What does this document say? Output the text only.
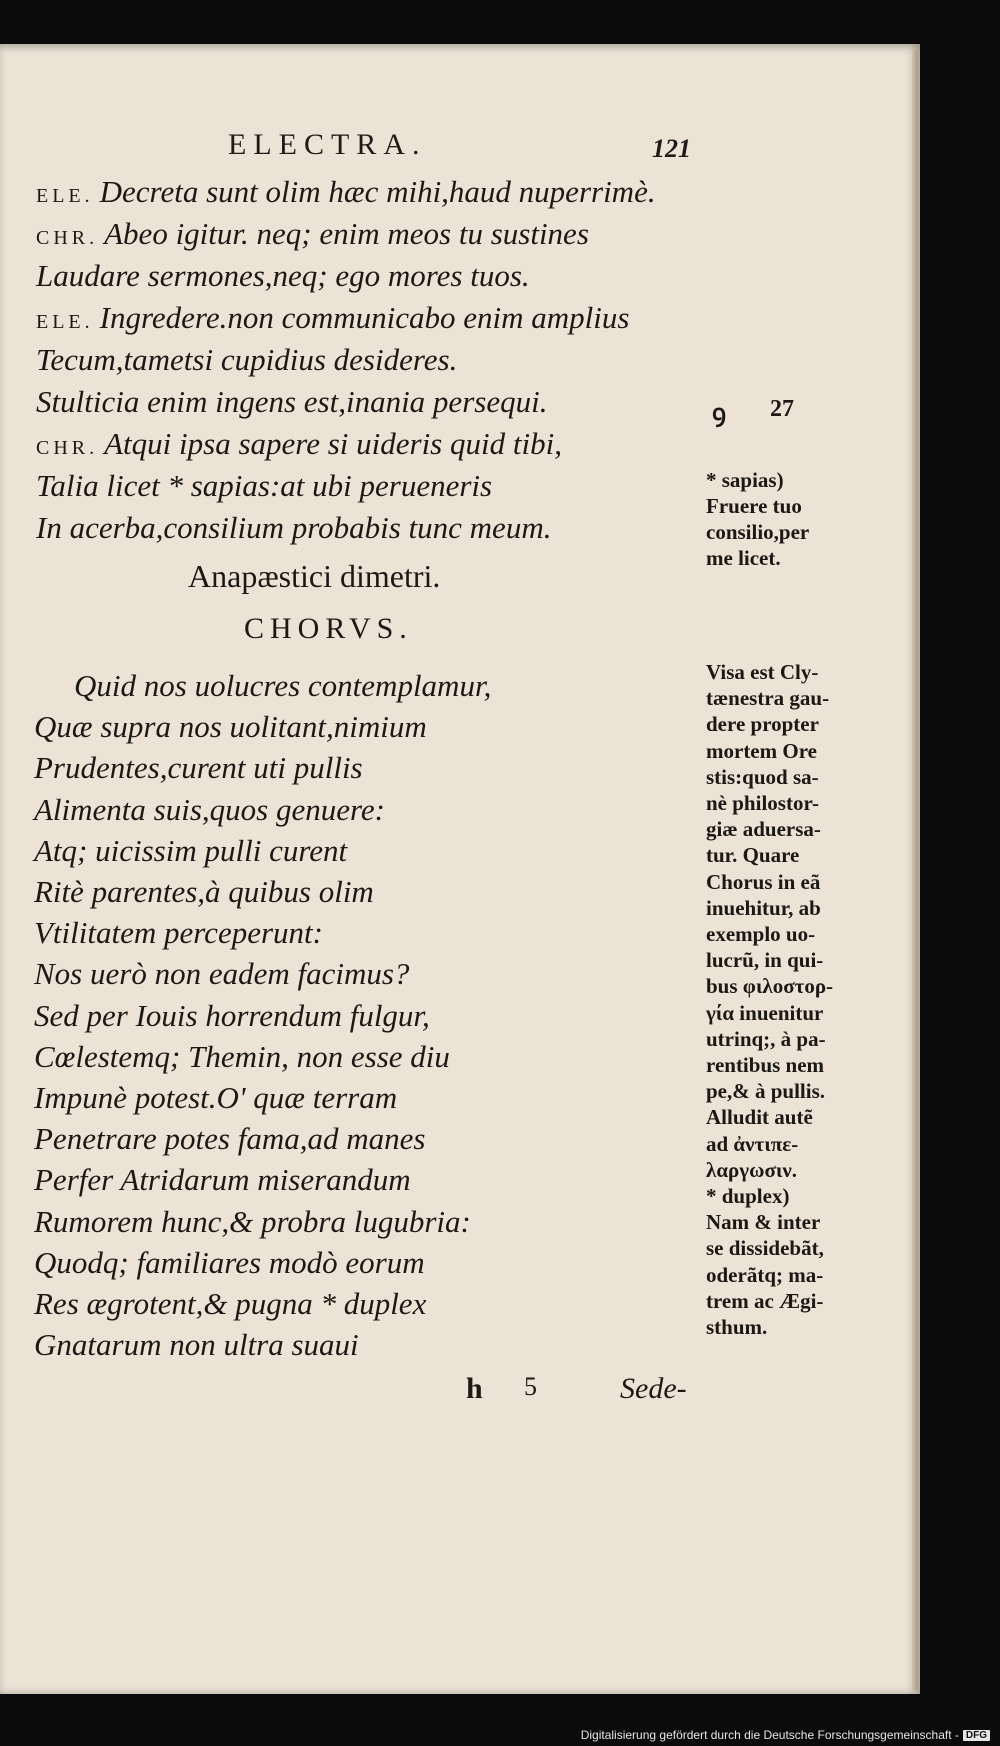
ELECTRA.	121
ELE. Decreta sunt olim hæc mihi,haud nuperrimè.
CHR. Abeo igitur. neq; enim meos tu sustines
Laudare sermones,neq; ego mores tuos.
ELE. Ingredere.non communicabo enim amplius
Tecum,tametsi cupidius desideres.
Stulticia enim ingens est,inania persequi.
CHR. Atqui ipsa sapere si uideris quid tibi,
Talia licet * sapias:at ubi perueneris
In acerba,consilium probabis tunc meum.
Anapæstici dimetri.
CHORVS.
Quid nos uolucres contemplamur,
Quæ supra nos uolitant,nimium
Prudentes,curent uti pullis
Alimenta suis,quos genuere:
Atq; uicissim pulli curent
Ritè parentes,à quibus olim
Vtilitatem perceperunt:
Nos uerò non eadem facimus?
Sed per Iouis horrendum fulgur,
Cœlestemq; Themin, non esse diu
Impunè potest.O' quæ terram
Penetrare potes fama,ad manes
Perfer Atridarum miserandum
Rumorem hunc,& probra lugubria:
Quodq; familiares modò eorum
Res ægrotent,& pugna * duplex
Gnatarum non ultra suaui
ꝯ 27
* sapias)
Fruere tuo
consilio,per
me licet.
Visa est Cly-
tænestra gau-
dere propter
mortem Ore
stis:quod sa-
nè philostor-
giæ aduersa-
tur. Quare
Chorus in eã
inuehitur, ab
exemplo uo-
lucrũ, in qui-
bus φιλοστορ-
γία inuenitur
utrinq;, à pa-
rentibus nem
pe,& à pullis.
Alludit autẽ
ad ἀντιπε-
λαργωσιν.
* duplex)
Nam & inter
se dissidebãt,
oderãtq; ma-
trem ac Ægi-
sthum.
h 5	Sede-
Digitalisierung gefördert durch die Deutsche Forschungsgemeinschaft - DFG
